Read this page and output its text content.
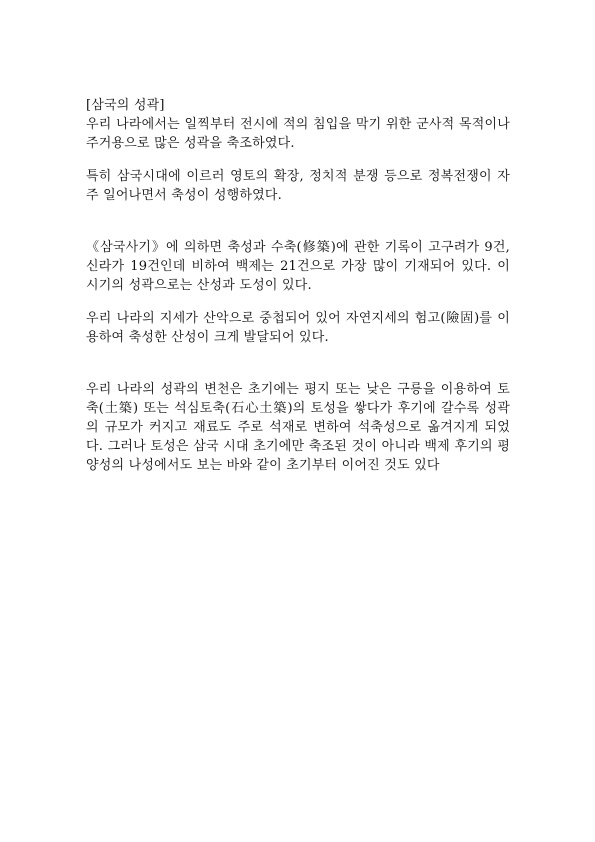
[삼국의 성곽]

우리 나라에서는 일찍부터 전시에 적의 침입을 막기 위한 군사적 목적이나 주거용으로 많은 성곽을 축조하였다.

특히 삼국시대에 이르러 영토의 확장, 정치적 분쟁 등으로 정복전쟁이 자주 일어나면서 축성이 성행하였다.

《삼국사기》에 의하면 축성과 수축(修築)에 관한 기록이 고구려가 9건, 신라가 19건인데 비하여 백제는 21건으로 가장 많이 기재되어 있다. 이 시기의 성곽으로는 산성과 도성이 있다.

우리 나라의 지세가 산악으로 중첩되어 있어 자연지세의 험고(險固)를 이용하여 축성한 산성이 크게 발달되어 있다.

우리 나라의 성곽의 변천은 초기에는 평지 또는 낮은 구릉을 이용하여 토축(土築) 또는 석심토축(石心土築)의 토성을 쌓다가 후기에 갈수록 성곽의 규모가 커지고 재료도 주로 석재로 변하여 석축성으로 옮겨지게 되었다. 그러나 토성은 삼국 시대 초기에만 축조된 것이 아니라 백제 후기의 평양성의 나성에서도 보는 바와 같이 초기부터 이어진 것도 있다
